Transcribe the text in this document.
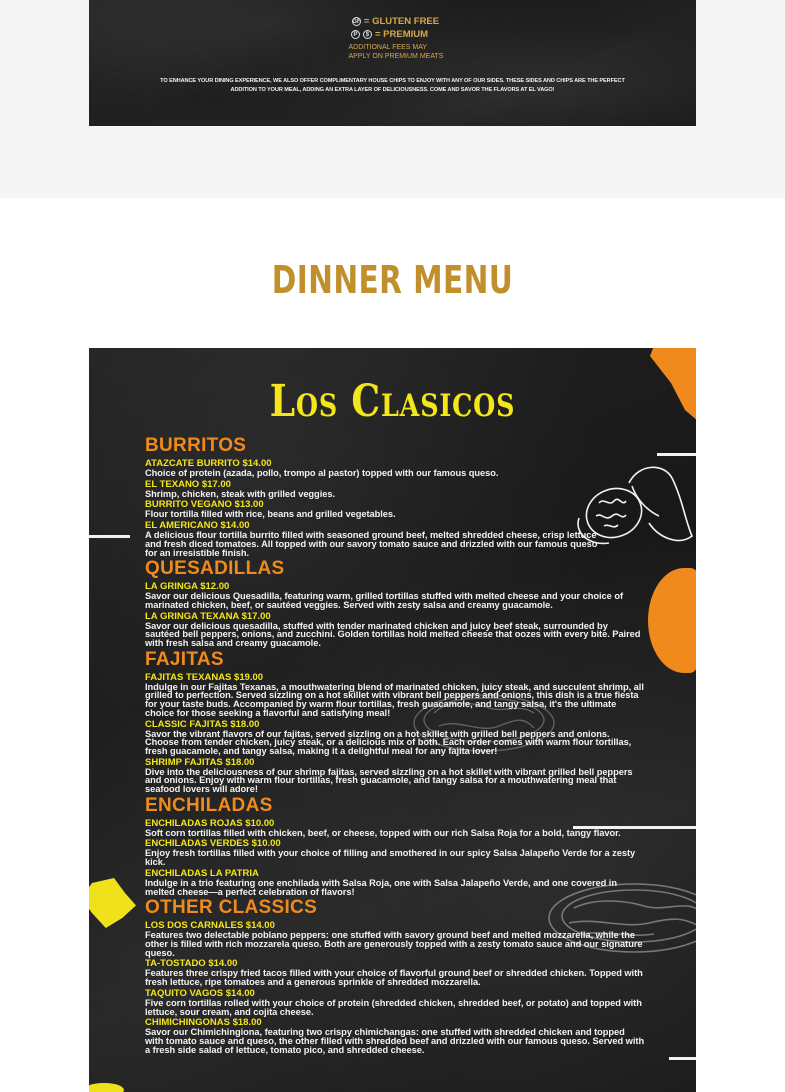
GF = GLUTEN FREE
P	$ = PREMIUM
ADDITIONAL FEES MAY
APPLY ON PREMIUM MEATS
TO ENHANCE YOUR DINING EXPERIENCE, WE ALSO OFFER COMPLIMENTARY HOUSE CHIPS TO ENJOY WITH ANY OF OUR SIDES. THESE SIDES AND CHIPS ARE THE PERFECT ADDITION TO YOUR MEAL, ADDING AN EXTRA LAYER OF DELICIOUSNESS. COME AND SAVOR THE FLAVORS AT EL VAGO!
DINNER MENU
Los Clasicos
BURRITOS
ATAZCATE BURRITO $14.00
Choice of protein (azada, pollo, trompo al pastor) topped with our famous queso.
EL TEXANO $17.00
Shrimp, chicken, steak with grilled veggies.
BURRITO VEGANO $13.00
Flour tortilla filled with rice, beans and grilled vegetables.
EL AMERICANO $14.00
A delicious flour tortilla burrito filled with seasoned ground beef, melted shredded cheese, crisp lettuce and fresh diced tomatoes. All topped with our savory tomato sauce and drizzled with our famous queso for an irresistible finish.
QUESADILLAS
LA GRINGA $12.00
Savor our delicious Quesadilla, featuring warm, grilled tortillas stuffed with melted cheese and your choice of marinated chicken, beef, or sautéed veggies. Served with zesty salsa and creamy guacamole.
LA GRINGA TEXANA $17.00
Savor our delicious quesadilla, stuffed with tender marinated chicken and juicy beef steak, surrounded by sautéed bell peppers, onions, and zucchini. Golden tortillas hold melted cheese that oozes with every bite. Paired with fresh salsa and creamy guacamole.
FAJITAS
FAJITAS TEXANAS $19.00
Indulge in our Fajitas Texanas, a mouthwatering blend of marinated chicken, juicy steak, and succulent shrimp, all grilled to perfection. Served sizzling on a hot skillet with vibrant bell peppers and onions, this dish is a true fiesta for your taste buds. Accompanied by warm flour tortillas, fresh guacamole, and tangy salsa, it's the ultimate choice for those seeking a flavorful and satisfying meal!
CLASSIC FAJITAS $18.00
Savor the vibrant flavors of our fajitas, served sizzling on a hot skillet with grilled bell peppers and onions. Choose from tender chicken, juicy steak, or a delicious mix of both. Each order comes with warm flour tortillas, fresh guacamole, and tangy salsa, making it a delightful meal for any fajita lover!
SHRIMP FAJITAS $18.00
Dive into the deliciousness of our shrimp fajitas, served sizzling on a hot skillet with vibrant grilled bell peppers and onions. Enjoy with warm flour tortillas, fresh guacamole, and tangy salsa for a mouthwatering meal that seafood lovers will adore!
ENCHILADAS
ENCHILADAS ROJAS $10.00
Soft corn tortillas filled with chicken, beef, or cheese, topped with our rich Salsa Roja for a bold, tangy flavor.
ENCHILADAS VERDES $10.00
Enjoy fresh tortillas filled with your choice of filling and smothered in our spicy Salsa Jalapeño Verde for a zesty kick.
ENCHILADAS LA PATRIA
Indulge in a trio featuring one enchilada with Salsa Roja, one with Salsa Jalapeño Verde, and one covered in melted cheese—a perfect celebration of flavors!
OTHER CLASSICS
LOS DOS CARNALES $14.00
Features two delectable poblano peppers: one stuffed with savory ground beef and melted mozzarella, while the other is filled with rich mozzarela queso. Both are generously topped with a zesty tomato sauce and our signature queso.
TA-TOSTADO $14.00
Features three crispy fried tacos filled with your choice of flavorful ground beef or shredded chicken. Topped with fresh lettuce, ripe tomatoes and a generous sprinkle of shredded mozzarella.
TAQUITO VAGOS $14.00
Five corn tortillas rolled with your choice of protein (shredded chicken, shredded beef, or potato) and topped with lettuce, sour cream, and cojita cheese.
CHIMICHINGONAS $18.00
Savor our Chimichingiona, featuring two crispy chimichangas: one stuffed with shredded chicken and topped with tomato sauce and queso, the other filled with shredded beef and drizzled with our famous queso. Served with a fresh side salad of lettuce, tomato pico, and shredded cheese.
